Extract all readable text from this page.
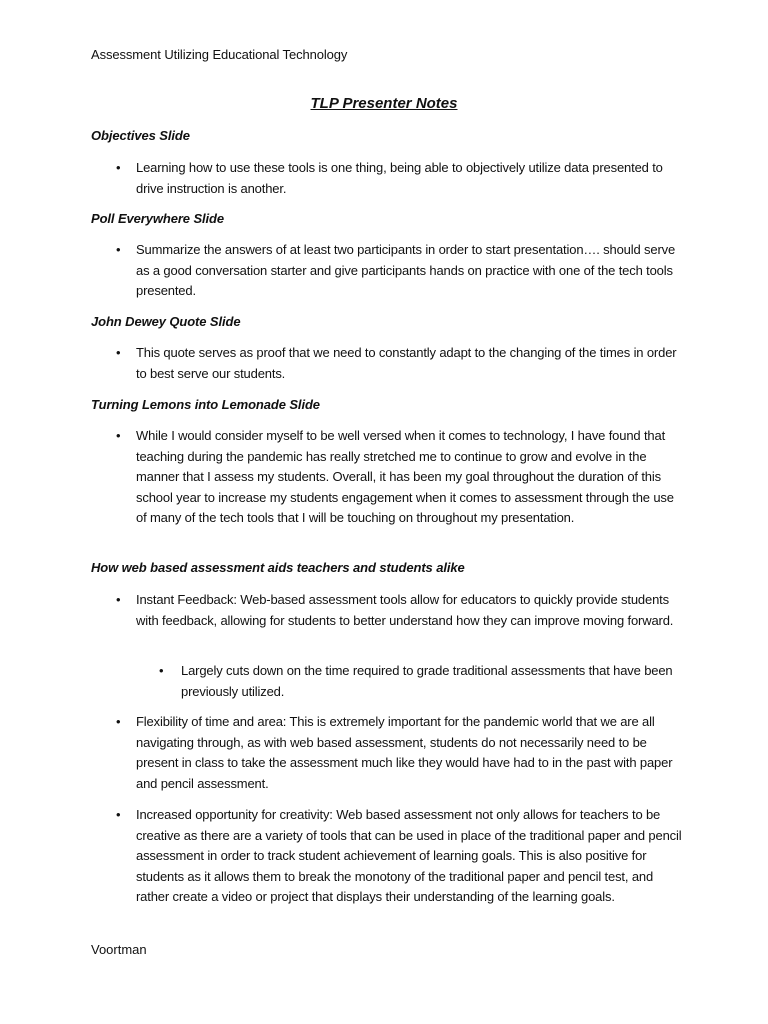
Assessment Utilizing Educational Technology
TLP Presenter Notes
Objectives Slide
• Learning how to use these tools is one thing, being able to objectively utilize data presented to drive instruction is another.
Poll Everywhere Slide
• Summarize the answers of at least two participants in order to start presentation…. should serve as a good conversation starter and give participants hands on practice with one of the tech tools presented.
John Dewey Quote Slide
• This quote serves as proof that we need to constantly adapt to the changing of the times in order to best serve our students.
Turning Lemons into Lemonade Slide
• While I would consider myself to be well versed when it comes to technology, I have found that teaching during the pandemic has really stretched me to continue to grow and evolve in the manner that I assess my students. Overall, it has been my goal throughout the duration of this school year to increase my students engagement when it comes to assessment through the use of many of the tech tools that I will be touching on throughout my presentation.
How web based assessment aids teachers and students alike
• Instant Feedback: Web-based assessment tools allow for educators to quickly provide students with feedback, allowing for students to better understand how they can improve moving forward.
• Largely cuts down on the time required to grade traditional assessments that have been previously utilized.
• Flexibility of time and area: This is extremely important for the pandemic world that we are all navigating through, as with web based assessment, students do not necessarily need to be present in class to take the assessment much like they would have had to in the past with paper and pencil assessment.
• Increased opportunity for creativity: Web based assessment not only allows for teachers to be creative as there are a variety of tools that can be used in place of the traditional paper and pencil assessment in order to track student achievement of learning goals. This is also positive for students as it allows them to break the monotony of the traditional paper and pencil test, and rather create a video or project that displays their understanding of the learning goals.
Voortman
